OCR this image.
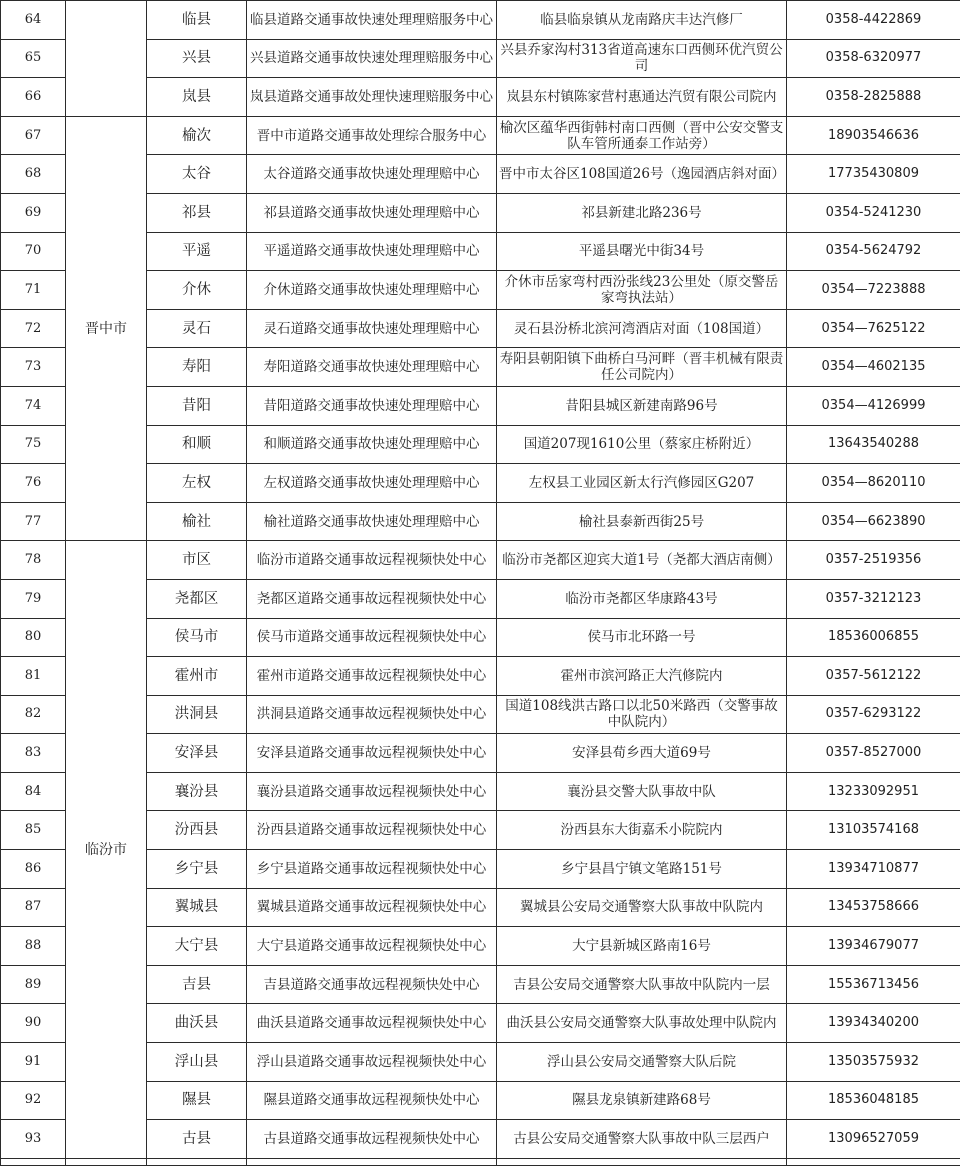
64		临县	临县道路交通事故快速处理理赔服务中心	临县临泉镇从龙南路庆丰达汽修厂	0358-4422869
65		兴县	兴县道路交通事故快速处理理赔服务中心	兴县乔家沟村313省道高速东口西侧环优汽贸公司	0358-6320977
66		岚县	岚县道路交通事故处理快速理赔服务中心	岚县东村镇陈家营村惠通达汽贸有限公司院内	0358-2825888
67	晋中市	榆次	晋中市道路交通事故处理综合服务中心	榆次区蕴华西街韩村南口西侧（晋中公安交警支队车管所通泰工作站旁）	18903546636
68		太谷	太谷道路交通事故快速处理理赔中心	晋中市太谷区108国道26号（逸园酒店斜对面）	17735430809
69		祁县	祁县道路交通事故快速处理理赔中心	祁县新建北路236号	0354-5241230
70		平遥	平遥道路交通事故快速处理理赔中心	平遥县曙光中街34号	0354-5624792
71		介休	介休道路交通事故快速处理理赔中心	介休市岳家弯村西汾张线23公里处（原交警岳家弯执法站）	0354—7223888
72		灵石	灵石道路交通事故快速处理理赔中心	灵石县汾桥北滨河湾酒店对面（108国道）	0354—7625122
73		寿阳	寿阳道路交通事故快速处理理赔中心	寿阳县朝阳镇下曲桥白马河畔（晋丰机械有限责任公司院内）	0354—4602135
74		昔阳	昔阳道路交通事故快速处理理赔中心	昔阳县城区新建南路96号	0354—4126999
75		和顺	和顺道路交通事故快速处理理赔中心	国道207现1610公里（蔡家庄桥附近）	13643540288
76		左权	左权道路交通事故快速处理理赔中心	左权县工业园区新太行汽修园区G207	0354—8620110
77		榆社	榆社道路交通事故快速处理理赔中心	榆社县泰新西街25号	0354—6623890
78	临汾市	市区	临汾市道路交通事故远程视频快处中心	临汾市尧都区迎宾大道1号（尧都大酒店南侧）	0357-2519356
79		尧都区	尧都区道路交通事故远程视频快处中心	临汾市尧都区华康路43号	0357-3212123
80		侯马市	侯马市道路交通事故远程视频快处中心	侯马市北环路一号	18536006855
81		霍州市	霍州市道路交通事故远程视频快处中心	霍州市滨河路正大汽修院内	0357-5612122
82		洪洞县	洪洞县道路交通事故远程视频快处中心	国道108线洪古路口以北50米路西（交警事故中队院内）	0357-6293122
83		安泽县	安泽县道路交通事故远程视频快处中心	安泽县荀乡西大道69号	0357-8527000
84		襄汾县	襄汾县道路交通事故远程视频快处中心	襄汾县交警大队事故中队	13233092951
85		汾西县	汾西县道路交通事故远程视频快处中心	汾西县东大街嘉禾小院院内	13103574168
86		乡宁县	乡宁县道路交通事故远程视频快处中心	乡宁县昌宁镇文笔路151号	13934710877
87		翼城县	翼城县道路交通事故远程视频快处中心	翼城县公安局交通警察大队事故中队院内	13453758666
88		大宁县	大宁县道路交通事故远程视频快处中心	大宁县新城区路南16号	13934679077
89		吉县	吉县道路交通事故远程视频快处中心	吉县公安局交通警察大队事故中队院内一层	15536713456
90		曲沃县	曲沃县道路交通事故远程视频快处中心	曲沃县公安局交通警察大队事故处理中队院内	13934340200
91		浮山县	浮山县道路交通事故远程视频快处中心	浮山县公安局交通警察大队后院	13503575932
92		隰县	隰县道路交通事故远程视频快处中心	隰县龙泉镇新建路68号	18536048185
93		古县	古县道路交通事故远程视频快处中心	古县公安局交通警察大队事故中队三层西户	13096527059
